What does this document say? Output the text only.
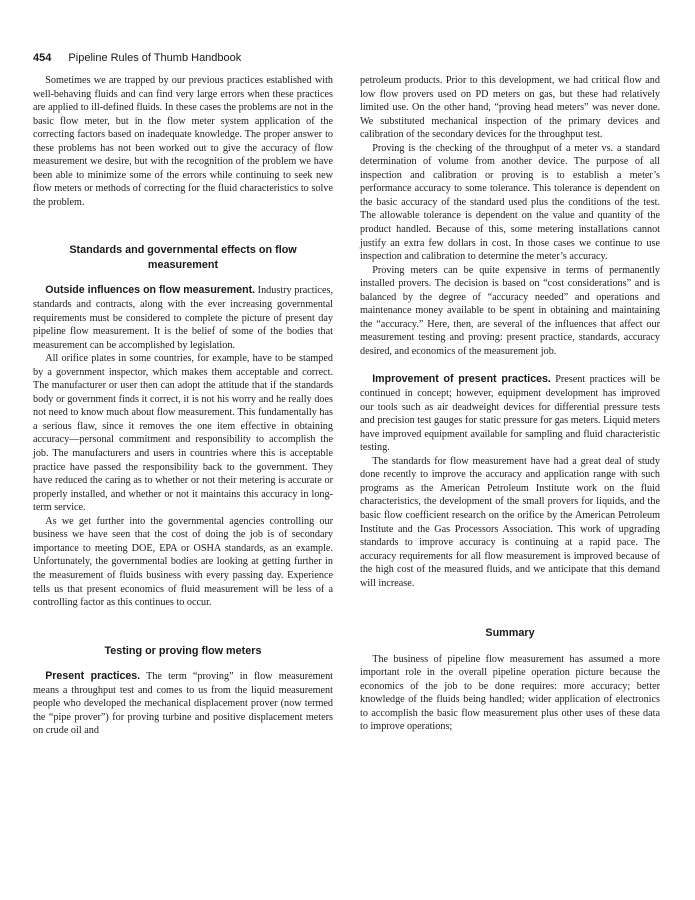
454 Pipeline Rules of Thumb Handbook

Sometimes we are trapped by our previous practices established with well-behaving fluids and can find very large errors when these practices are applied to ill-defined fluids. In these cases the problems are not in the basic flow meter, but in the flow meter system application of the correcting factors based on inadequate knowledge. The proper answer to these problems has not been worked out to give the accuracy of flow measurement we desire, but with the recognition of the problem we have been able to minimize some of the errors while continuing to seek new flow meters or methods of correcting for the fluid characteristics to solve the problem.

Standards and governmental effects on flow measurement

Outside influences on flow measurement. Industry practices, standards and contracts, along with the ever increasing governmental requirements must be considered to complete the picture of present day pipeline flow measurement. It is the belief of some of the bodies that measurement can be accomplished by legislation.

All orifice plates in some countries, for example, have to be stamped by a government inspector, which makes them acceptable and correct. The manufacturer or user then can adopt the attitude that if the standards body or government finds it correct, it is not his worry and he really does not need to know much about flow measurement. This fundamentally has a serious flaw, since it removes the one item effective in obtaining accuracy—personal commitment and responsibility to accomplish the job. The manufacturers and users in countries where this is acceptable practice have passed the responsibility back to the government. They have reduced the caring as to whether or not their metering is accurate or properly installed, and whether or not it maintains this accuracy in long-term service.

As we get further into the governmental agencies controlling our business we have seen that the cost of doing the job is of secondary importance to meeting DOE, EPA or OSHA standards, as an example. Unfortunately, the governmental bodies are looking at getting further in the measurement of fluids business with every passing day. Experience tells us that present economics of fluid measurement will be less of a controlling factor as this continues to occur.

Testing or proving flow meters

Present practices. The term “proving” in flow measurement means a throughput test and comes to us from the liquid measurement people who developed the mechanical displacement prover (now termed the “pipe prover”) for proving turbine and positive displacement meters on crude oil and

petroleum products. Prior to this development, we had critical flow and low flow provers used on PD meters on gas, but these had relatively limited use. On the other hand, “proving head meters” was never done. We substituted mechanical inspection of the primary devices and calibration of the secondary devices for the throughput test.

Proving is the checking of the throughput of a meter vs. a standard determination of volume from another device. The purpose of all inspection and calibration or proving is to establish a meter’s performance accuracy to some tolerance. This tolerance is dependent on the basic accuracy of the standard used plus the conditions of the test. The allowable tolerance is dependent on the value and quantity of the product handled. Because of this, some metering installations cannot justify an extra few dollars in cost. In those cases we continue to use inspection and calibration to determine the meter’s accuracy.

Proving meters can be quite expensive in terms of permanently installed provers. The decision is based on “cost considerations” and is balanced by the degree of “accuracy needed” and operations and maintenance money available to be spent in obtaining and maintaining the “accuracy.” Here, then, are several of the influences that affect our measurement testing and proving: present practice, standards, accuracy desired, and economics of the measurement job.

Improvement of present practices. Present practices will be continued in concept; however, equipment development has improved our tools such as air deadweight devices for differential pressure tests and precision test gauges for static pressure for gas meters. Liquid meters have improved equipment available for sampling and fluid characteristic testing.

The standards for flow measurement have had a great deal of study done recently to improve the accuracy and application range with such programs as the American Petroleum Institute work on the fluid characteristics, the development of the small provers for liquids, and the basic flow coefficient research on the orifice by the American Petroleum Institute and the Gas Processors Association. This work of upgrading standards to improve accuracy is continuing at a rapid pace. The accuracy requirements for all flow measurement is improved because of the high cost of the measured fluids, and we anticipate that this demand will increase.

Summary

The business of pipeline flow measurement has assumed a more important role in the overall pipeline operation picture because the economics of the job to be done requires: more accuracy; better knowledge of the fluids being handled; wider application of electronics to accomplish the basic flow measurement plus other uses of these data to improve operations;
